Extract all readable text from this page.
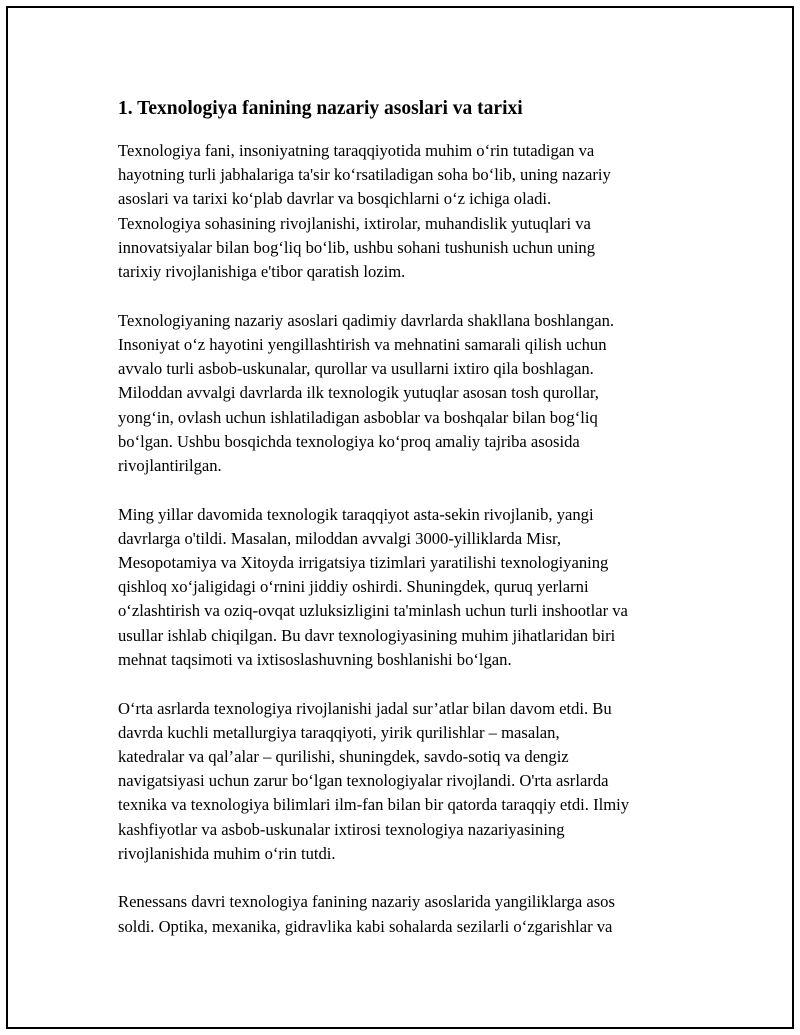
1. Texnologiya fanining nazariy asoslari va tarixi

Texnologiya fani, insoniyatning taraqqiyotida muhim o‘rin tutadigan va
hayotning turli jabhalariga ta'sir ko‘rsatiladigan soha bo‘lib, uning nazariy
asoslari va tarixi ko‘plab davrlar va bosqichlarni o‘z ichiga oladi.
Texnologiya sohasining rivojlanishi, ixtirolar, muhandislik yutuqlari va
innovatsiyalar bilan bog‘liq bo‘lib, ushbu sohani tushunish uchun uning
tarixiy rivojlanishiga e'tibor qaratish lozim.

Texnologiyaning nazariy asoslari qadimiy davrlarda shakllana boshlangan.
Insoniyat o‘z hayotini yengillashtirish va mehnatini samarali qilish uchun
avvalo turli asbob-uskunalar, qurollar va usullarni ixtiro qila boshlagan.
Miloddan avvalgi davrlarda ilk texnologik yutuqlar asosan tosh qurollar,
yong‘in, ovlash uchun ishlatiladigan asboblar va boshqalar bilan bog‘liq
bo‘lgan. Ushbu bosqichda texnologiya ko‘proq amaliy tajriba asosida
rivojlantirilgan.

Ming yillar davomida texnologik taraqqiyot asta-sekin rivojlanib, yangi
davrlarga o'tildi. Masalan, miloddan avvalgi 3000-yilliklarda Misr,
Mesopotamiya va Xitoyda irrigatsiya tizimlari yaratilishi texnologiyaning
qishloq xo‘jaligidagi o‘rnini jiddiy oshirdi. Shuningdek, quruq yerlarni
o‘zlashtirish va oziq-ovqat uzluksizligini ta'minlash uchun turli inshootlar va
usullar ishlab chiqilgan. Bu davr texnologiyasining muhim jihatlaridan biri
mehnat taqsimoti va ixtisoslashuvning boshlanishi bo‘lgan.

O‘rta asrlarda texnologiya rivojlanishi jadal sur’atlar bilan davom etdi. Bu
davrda kuchli metallurgiya taraqqiyoti, yirik qurilishlar – masalan,
katedralar va qal’alar – qurilishi, shuningdek, savdo-sotiq va dengiz
navigatsiyasi uchun zarur bo‘lgan texnologiyalar rivojlandi. O'rta asrlarda
texnika va texnologiya bilimlari ilm-fan bilan bir qatorda taraqqiy etdi. Ilmiy
kashfiyotlar va asbob-uskunalar ixtirosi texnologiya nazariyasining
rivojlanishida muhim o‘rin tutdi.

Renessans davri texnologiya fanining nazariy asoslarida yangiliklarga asos
soldi. Optika, mexanika, gidravlika kabi sohalarda sezilarli o‘zgarishlar va
